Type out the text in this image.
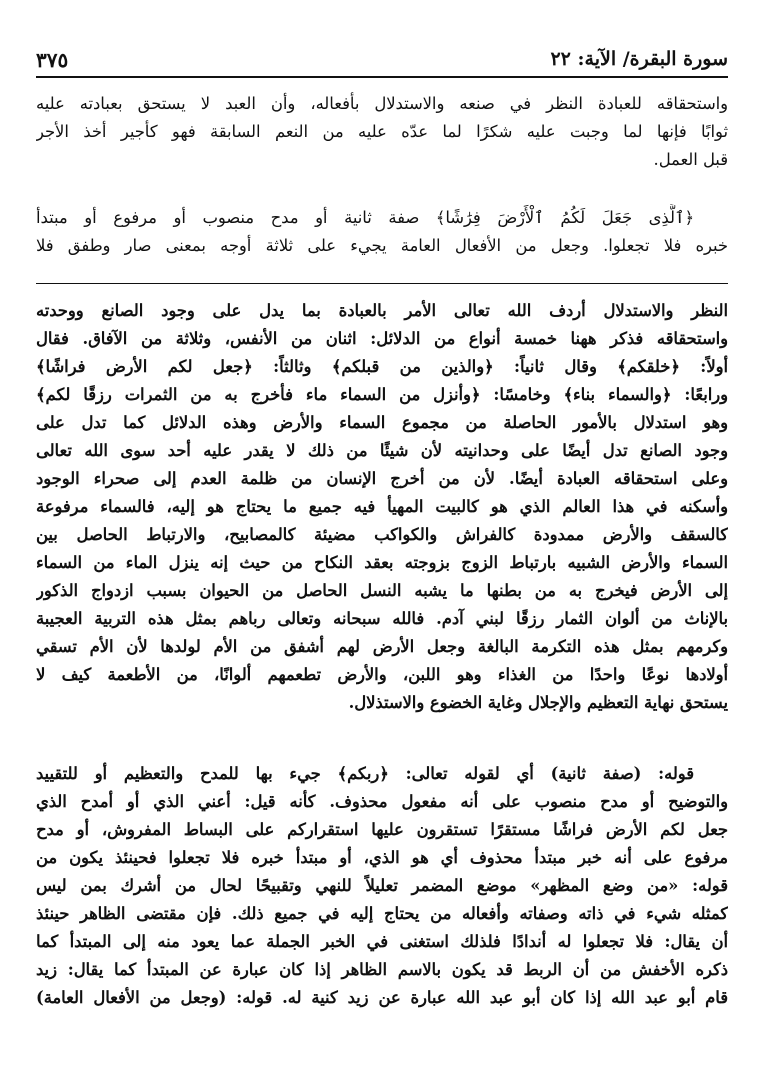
سورة البقرة/ الآية: ٢٢
٣٧٥
واستحقاقه للعبادة النظر في صنعه والاستدلال بأفعاله، وأن العبد لا يستحق بعبادته عليه
ثوابًا فإنها لما وجبت عليه شكرًا لما عدّه عليه من النعم السابقة فهو كأجير أخذ الأجر
قبل العمل.
﴿ٱلَّذِى جَعَلَ لَكُمُ ٱلْأَرْضَ فِرَٰشًا﴾ صفة ثانية أو مدح منصوب أو مرفوع أو مبتدأ
خبره فلا تجعلوا. وجعل من الأفعال العامة يجيء على ثلاثة أوجه بمعنى صار وطفق فلا
النظر والاستدلال أردف الله تعالى الأمر بالعبادة بما يدل على وجود الصانع ووحدته
واستحقاقه فذكر ههنا خمسة أنواع من الدلائل: اثنان من الأنفس، وثلاثة من الآفاق. فقال
أولاً: ﴿خلقكم﴾ وقال ثانياً: ﴿والذين من قبلكم﴾ وثالثاً: ﴿جعل لكم الأرض فراشًا﴾
ورابعًا: ﴿والسماء بناء﴾ وخامسًا: ﴿وأنزل من السماء ماء فأخرج به من الثمرات رزقًا لكم﴾
وهو استدلال بالأمور الحاصلة من مجموع السماء والأرض وهذه الدلائل كما تدل على
وجود الصانع تدل أيضًا على وحدانيته لأن شيئًا من ذلك لا يقدر عليه أحد سوى الله تعالى
وعلى استحقاقه العبادة أيضًا. لأن من أخرج الإنسان من ظلمة العدم إلى صحراء الوجود
وأسكنه في هذا العالم الذي هو كالبيت المهيأ فيه جميع ما يحتاج هو إليه، فالسماء مرفوعة
كالسقف والأرض ممدودة كالفراش والكواكب مضيئة كالمصابيح، والارتباط الحاصل بين
السماء والأرض الشبيه بارتباط الزوج بزوجته بعقد النكاح من حيث إنه ينزل الماء من السماء
إلى الأرض فيخرج به من بطنها ما يشبه النسل الحاصل من الحيوان بسبب ازدواج الذكور
بالإناث من ألوان الثمار رزقًا لبني آدم. فالله سبحانه وتعالى رباهم بمثل هذه التربية العجيبة
وكرمهم بمثل هذه التكرمة البالغة وجعل الأرض لهم أشفق من الأم لولدها لأن الأم تسقي
أولادها نوعًا واحدًا من الغذاء وهو اللبن، والأرض تطعمهم ألوانًا، من الأطعمة كيف لا
يستحق نهاية التعظيم والإجلال وغاية الخضوع والاستذلال.
قوله: (صفة ثانية) أي لقوله تعالى: ﴿ربكم﴾ جيء بها للمدح والتعظيم أو للتقييد
والتوضيح أو مدح منصوب على أنه مفعول محذوف. كأنه قيل: أعني الذي أو أمدح الذي
جعل لكم الأرض فراشًا مستقرًا تستقرون عليها استقراركم على البساط المفروش، أو مدح
مرفوع على أنه خبر مبتدأ محذوف أي هو الذي، أو مبتدأ خبره فلا تجعلوا فحينئذ يكون من
قوله: «من وضع المظهر» موضع المضمر تعليلاً للنهي وتقبيحًا لحال من أشرك بمن ليس
كمثله شيء في ذاته وصفاته وأفعاله من يحتاج إليه في جميع ذلك. فإن مقتضى الظاهر حينئذ
أن يقال: فلا تجعلوا له أندادًا فلذلك استغنى في الخبر الجملة عما يعود منه إلى المبتدأ كما
ذكره الأخفش من أن الربط قد يكون بالاسم الظاهر إذا كان عبارة عن المبتدأ كما يقال: زيد
قام أبو عبد الله إذا كان أبو عبد الله عبارة عن زيد كنية له. قوله: (وجعل من الأفعال العامة)
